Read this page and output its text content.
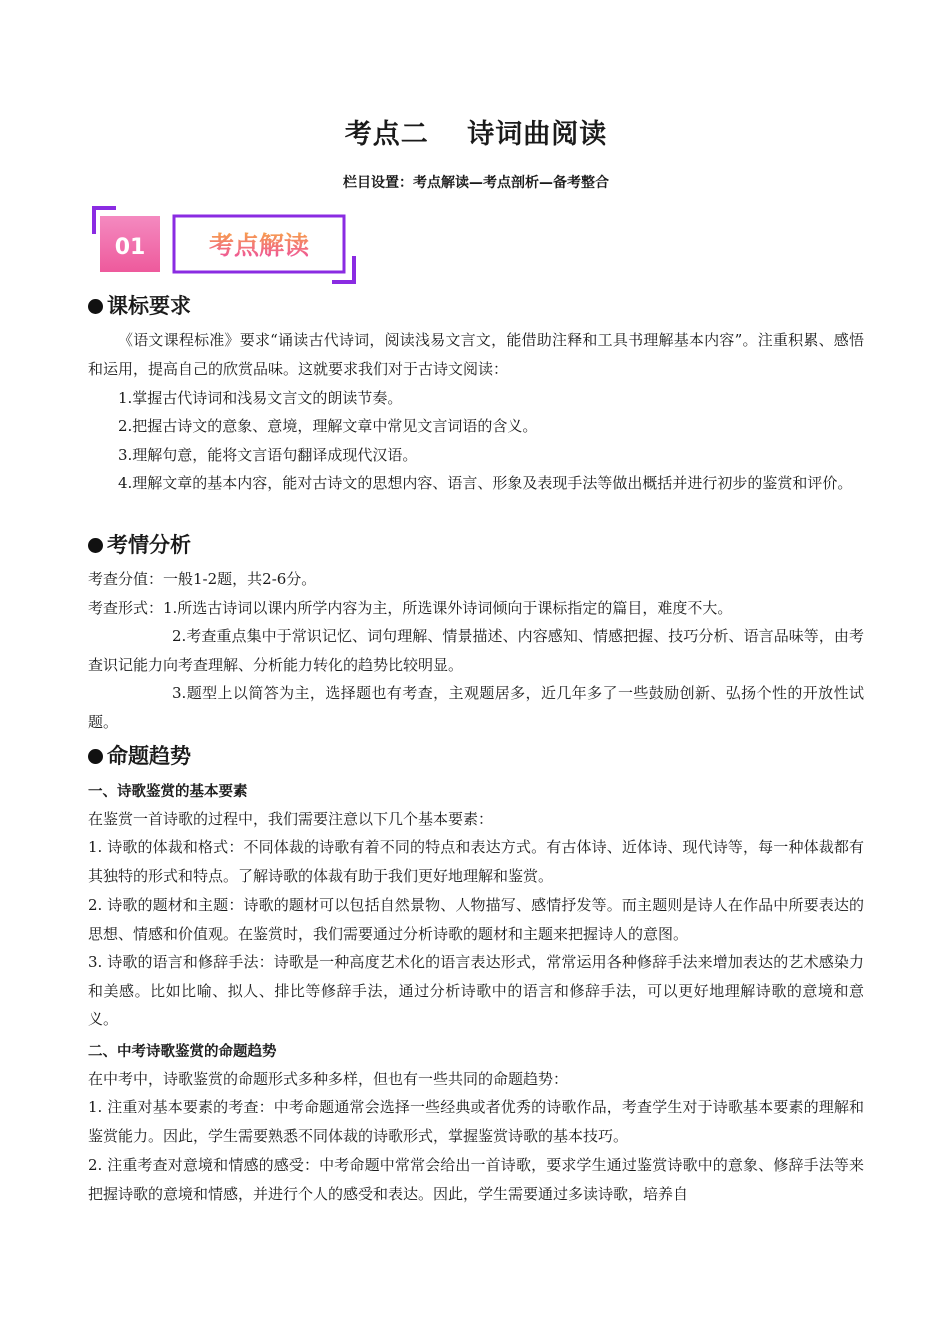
考点二　 诗词曲阅读
栏目设置：考点解读—考点剖析—备考整合
01	考点解读
课标要求
《语文课程标准》要求“诵读古代诗词，阅读浅易文言文，能借助注释和工具书理解基本内容”。注重积累、感悟和运用，提高自己的欣赏品味。这就要求我们对于古诗文阅读：
1.掌握古代诗词和浅易文言文的朗读节奏。
2.把握古诗文的意象、意境，理解文章中常见文言词语的含义。
3.理解句意，能将文言语句翻译成现代汉语。
4.理解文章的基本内容，能对古诗文的思想内容、语言、形象及表现手法等做出概括并进行初步的鉴赏和评价。
考情分析
考查分值：一般1-2题，共2-6分。
考查形式：1.所选古诗词以课内所学内容为主，所选课外诗词倾向于课标指定的篇目，难度不大。
2.考查重点集中于常识记忆、词句理解、情景描述、内容感知、情感把握、技巧分析、语言品味等，由考查识记能力向考查理解、分析能力转化的趋势比较明显。
3.题型上以简答为主，选择题也有考查，主观题居多，近几年多了一些鼓励创新、弘扬个性的开放性试题。
命题趋势
一、诗歌鉴赏的基本要素
在鉴赏一首诗歌的过程中，我们需要注意以下几个基本要素：
1. 诗歌的体裁和格式：不同体裁的诗歌有着不同的特点和表达方式。有古体诗、近体诗、现代诗等，每一种体裁都有其独特的形式和特点。了解诗歌的体裁有助于我们更好地理解和鉴赏。
2. 诗歌的题材和主题：诗歌的题材可以包括自然景物、人物描写、感情抒发等。而主题则是诗人在作品中所要表达的思想、情感和价值观。在鉴赏时，我们需要通过分析诗歌的题材和主题来把握诗人的意图。
3. 诗歌的语言和修辞手法：诗歌是一种高度艺术化的语言表达形式，常常运用各种修辞手法来增加表达的艺术感染力和美感。比如比喻、拟人、排比等修辞手法，通过分析诗歌中的语言和修辞手法，可以更好地理解诗歌的意境和意义。
二、中考诗歌鉴赏的命题趋势
在中考中，诗歌鉴赏的命题形式多种多样，但也有一些共同的命题趋势：
1. 注重对基本要素的考查：中考命题通常会选择一些经典或者优秀的诗歌作品，考查学生对于诗歌基本要素的理解和鉴赏能力。因此，学生需要熟悉不同体裁的诗歌形式，掌握鉴赏诗歌的基本技巧。
2. 注重考查对意境和情感的感受：中考命题中常常会给出一首诗歌，要求学生通过鉴赏诗歌中的意象、修辞手法等来把握诗歌的意境和情感，并进行个人的感受和表达。因此，学生需要通过多读诗歌，培养自
